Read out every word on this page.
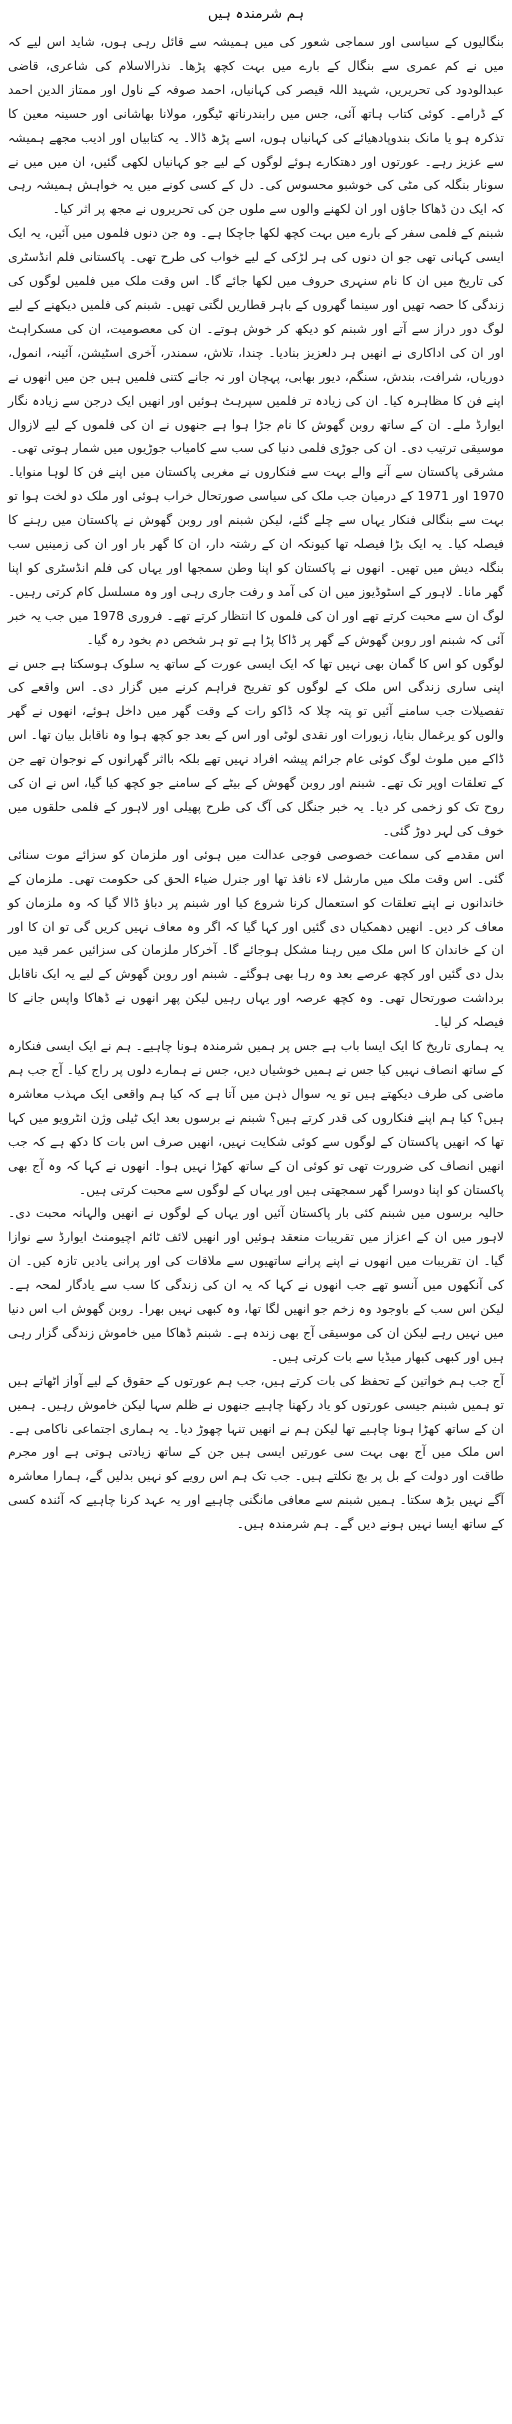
ہم شرمندہ ہیں

بنگالیوں کے سیاسی اور سماجی شعور کی میں ہمیشہ سے قائل رہی ہوں، شاید اس لیے کہ میں نے کم عمری سے بنگال کے بارے میں بہت کچھ پڑھا۔ نذرالاسلام کی شاعری، قاضی عبدالودود کی تحریریں، شہید اللہ قیصر کی کہانیاں، احمد صوفہ کے ناول اور ممتاز الدین احمد کے ڈرامے۔ کوئی کتاب ہاتھ آئی، جس میں رابندرناتھ ٹیگور، مولانا بھاشانی اور حسینہ معین کا تذکرہ ہو یا مانک بندوپادھیائے کی کہانیاں ہوں، اسے پڑھ ڈالا۔ یہ کتابیاں اور ادیب مجھے ہمیشہ سے عزیز رہے۔ عورتوں اور دھتکارے ہوئے لوگوں کے لیے جو کہانیاں لکھی گئیں، ان میں میں نے سونار بنگلہ کی مٹی کی خوشبو محسوس کی۔ دل کے کسی کونے میں یہ خواہش ہمیشہ رہی کہ ایک دن ڈھاکا جاؤں اور ان لکھنے والوں سے ملوں جن کی تحریروں نے مجھ پر اثر کیا۔

شبنم کے فلمی سفر کے بارے میں بہت کچھ لکھا جاچکا ہے۔ وہ جن دنوں فلموں میں آئیں، یہ ایک ایسی کہانی تھی جو ان دنوں کی ہر لڑکی کے لیے خواب کی طرح تھی۔ پاکستانی فلم انڈسٹری کی تاریخ میں ان کا نام سنہری حروف میں لکھا جائے گا۔ اس وقت ملک میں فلمیں لوگوں کی زندگی کا حصہ تھیں اور سینما گھروں کے باہر قطاریں لگتی تھیں۔ شبنم کی فلمیں دیکھنے کے لیے لوگ دور دراز سے آتے اور شبنم کو دیکھ کر خوش ہوتے۔ ان کی معصومیت، ان کی مسکراہٹ اور ان کی اداکاری نے انھیں ہر دلعزیز بنادیا۔ چندا، تلاش، سمندر، آخری اسٹیشن، آئینہ، انمول، دوریاں، شرافت، بندش، سنگم، دیور بھابی، پہچان اور نہ جانے کتنی فلمیں ہیں جن میں انھوں نے اپنے فن کا مظاہرہ کیا۔ ان کی زیادہ تر فلمیں سپرہٹ ہوئیں اور انھیں ایک درجن سے زیادہ نگار ایوارڈ ملے۔ ان کے ساتھ روبن گھوش کا نام جڑا ہوا ہے جنھوں نے ان کی فلموں کے لیے لازوال موسیقی ترتیب دی۔ ان کی جوڑی فلمی دنیا کی سب سے کامیاب جوڑیوں میں شمار ہوتی تھی۔

مشرقی پاکستان سے آنے والے بہت سے فنکاروں نے مغربی پاکستان میں اپنے فن کا لوہا منوایا۔ 1970 اور 1971 کے درمیان جب ملک کی سیاسی صورتحال خراب ہوئی اور ملک دو لخت ہوا تو بہت سے بنگالی فنکار یہاں سے چلے گئے، لیکن شبنم اور روبن گھوش نے پاکستان میں رہنے کا فیصلہ کیا۔ یہ ایک بڑا فیصلہ تھا کیونکہ ان کے رشتہ دار، ان کا گھر بار اور ان کی زمینیں سب بنگلہ دیش میں تھیں۔ انھوں نے پاکستان کو اپنا وطن سمجھا اور یہاں کی فلم انڈسٹری کو اپنا گھر مانا۔ لاہور کے اسٹوڈیوز میں ان کی آمد و رفت جاری رہی اور وہ مسلسل کام کرتی رہیں۔ لوگ ان سے محبت کرتے تھے اور ان کی فلموں کا انتظار کرتے تھے۔ فروری 1978 میں جب یہ خبر آئی کہ شبنم اور روبن گھوش کے گھر پر ڈاکا پڑا ہے تو ہر شخص دم بخود رہ گیا۔

لوگوں کو اس کا گمان بھی نہیں تھا کہ ایک ایسی عورت کے ساتھ یہ سلوک ہوسکتا ہے جس نے اپنی ساری زندگی اس ملک کے لوگوں کو تفریح فراہم کرنے میں گزار دی۔ اس واقعے کی تفصیلات جب سامنے آئیں تو پتہ چلا کہ ڈاکو رات کے وقت گھر میں داخل ہوئے، انھوں نے گھر والوں کو یرغمال بنایا، زیورات اور نقدی لوٹی اور اس کے بعد جو کچھ ہوا وہ ناقابل بیان تھا۔ اس ڈاکے میں ملوث لوگ کوئی عام جرائم پیشہ افراد نہیں تھے بلکہ بااثر گھرانوں کے نوجوان تھے جن کے تعلقات اوپر تک تھے۔ شبنم اور روبن گھوش کے بیٹے کے سامنے جو کچھ کیا گیا، اس نے ان کی روح تک کو زخمی کر دیا۔ یہ خبر جنگل کی آگ کی طرح پھیلی اور لاہور کے فلمی حلقوں میں خوف کی لہر دوڑ گئی۔

اس مقدمے کی سماعت خصوصی فوجی عدالت میں ہوئی اور ملزمان کو سزائے موت سنائی گئی۔ اس وقت ملک میں مارشل لاء نافذ تھا اور جنرل ضیاء الحق کی حکومت تھی۔ ملزمان کے خاندانوں نے اپنے تعلقات کو استعمال کرنا شروع کیا اور شبنم پر دباؤ ڈالا گیا کہ وہ ملزمان کو معاف کر دیں۔ انھیں دھمکیاں دی گئیں اور کہا گیا کہ اگر وہ معاف نہیں کریں گی تو ان کا اور ان کے خاندان کا اس ملک میں رہنا مشکل ہوجائے گا۔ آخرکار ملزمان کی سزائیں عمر قید میں بدل دی گئیں اور کچھ عرصے بعد وہ رہا بھی ہوگئے۔ شبنم اور روبن گھوش کے لیے یہ ایک ناقابل برداشت صورتحال تھی۔ وہ کچھ عرصہ اور یہاں رہیں لیکن پھر انھوں نے ڈھاکا واپس جانے کا فیصلہ کر لیا۔

یہ ہماری تاریخ کا ایک ایسا باب ہے جس پر ہمیں شرمندہ ہونا چاہیے۔ ہم نے ایک ایسی فنکارہ کے ساتھ انصاف نہیں کیا جس نے ہمیں خوشیاں دیں، جس نے ہمارے دلوں پر راج کیا۔ آج جب ہم ماضی کی طرف دیکھتے ہیں تو یہ سوال ذہن میں آتا ہے کہ کیا ہم واقعی ایک مہذب معاشرہ ہیں؟ کیا ہم اپنے فنکاروں کی قدر کرتے ہیں؟ شبنم نے برسوں بعد ایک ٹیلی وژن انٹرویو میں کہا تھا کہ انھیں پاکستان کے لوگوں سے کوئی شکایت نہیں، انھیں صرف اس بات کا دکھ ہے کہ جب انھیں انصاف کی ضرورت تھی تو کوئی ان کے ساتھ کھڑا نہیں ہوا۔ انھوں نے کہا کہ وہ آج بھی پاکستان کو اپنا دوسرا گھر سمجھتی ہیں اور یہاں کے لوگوں سے محبت کرتی ہیں۔

حالیہ برسوں میں شبنم کئی بار پاکستان آئیں اور یہاں کے لوگوں نے انھیں والہانہ محبت دی۔ لاہور میں ان کے اعزاز میں تقریبات منعقد ہوئیں اور انھیں لائف ٹائم اچیومنٹ ایوارڈ سے نوازا گیا۔ ان تقریبات میں انھوں نے اپنے پرانے ساتھیوں سے ملاقات کی اور پرانی یادیں تازہ کیں۔ ان کی آنکھوں میں آنسو تھے جب انھوں نے کہا کہ یہ ان کی زندگی کا سب سے یادگار لمحہ ہے۔ لیکن اس سب کے باوجود وہ زخم جو انھیں لگا تھا، وہ کبھی نہیں بھرا۔ روبن گھوش اب اس دنیا میں نہیں رہے لیکن ان کی موسیقی آج بھی زندہ ہے۔ شبنم ڈھاکا میں خاموش زندگی گزار رہی ہیں اور کبھی کبھار میڈیا سے بات کرتی ہیں۔

آج جب ہم خواتین کے تحفظ کی بات کرتے ہیں، جب ہم عورتوں کے حقوق کے لیے آواز اٹھاتے ہیں تو ہمیں شبنم جیسی عورتوں کو یاد رکھنا چاہیے جنھوں نے ظلم سہا لیکن خاموش رہیں۔ ہمیں ان کے ساتھ کھڑا ہونا چاہیے تھا لیکن ہم نے انھیں تنہا چھوڑ دیا۔ یہ ہماری اجتماعی ناکامی ہے۔ اس ملک میں آج بھی بہت سی عورتیں ایسی ہیں جن کے ساتھ زیادتی ہوتی ہے اور مجرم طاقت اور دولت کے بل پر بچ نکلتے ہیں۔ جب تک ہم اس رویے کو نہیں بدلیں گے، ہمارا معاشرہ آگے نہیں بڑھ سکتا۔ ہمیں شبنم سے معافی مانگنی چاہیے اور یہ عہد کرنا چاہیے کہ آئندہ کسی کے ساتھ ایسا نہیں ہونے دیں گے۔ ہم شرمندہ ہیں۔
